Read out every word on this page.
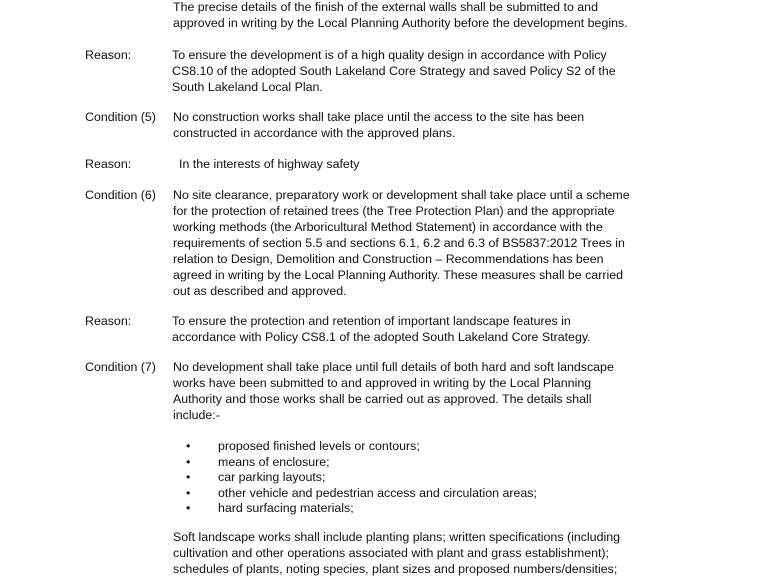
The precise details of the finish of the external walls shall be submitted to and
approved in writing by the Local Planning Authority before the development begins.
Reason:	To ensure the development is of a high quality design in accordance with Policy
CS8.10 of the adopted South Lakeland Core Strategy and saved Policy S2 of the
South Lakeland Local Plan.
Condition (5) No construction works shall take place until the access to the site has been
constructed in accordance with the approved plans.
Reason:	In the interests of highway safety
Condition (6) No site clearance, preparatory work or development shall take place until a scheme
for the protection of retained trees (the Tree Protection Plan) and the appropriate
working methods (the Arboricultural Method Statement) in accordance with the
requirements of section 5.5 and sections 6.1, 6.2 and 6.3 of BS5837:2012 Trees in
relation to Design, Demolition and Construction – Recommendations has been
agreed in writing by the Local Planning Authority. These measures shall be carried
out as described and approved.
Reason:	To ensure the protection and retention of important landscape features in
accordance with Policy CS8.1 of the adopted South Lakeland Core Strategy.
Condition (7) No development shall take place until full details of both hard and soft landscape
works have been submitted to and approved in writing by the Local Planning
Authority and those works shall be carried out as approved. The details shall
include:-
• proposed finished levels or contours;
• means of enclosure;
• car parking layouts;
• other vehicle and pedestrian access and circulation areas;
• hard surfacing materials;
Soft landscape works shall include planting plans; written specifications (including
cultivation and other operations associated with plant and grass establishment);
schedules of plants, noting species, plant sizes and proposed numbers/densities;
